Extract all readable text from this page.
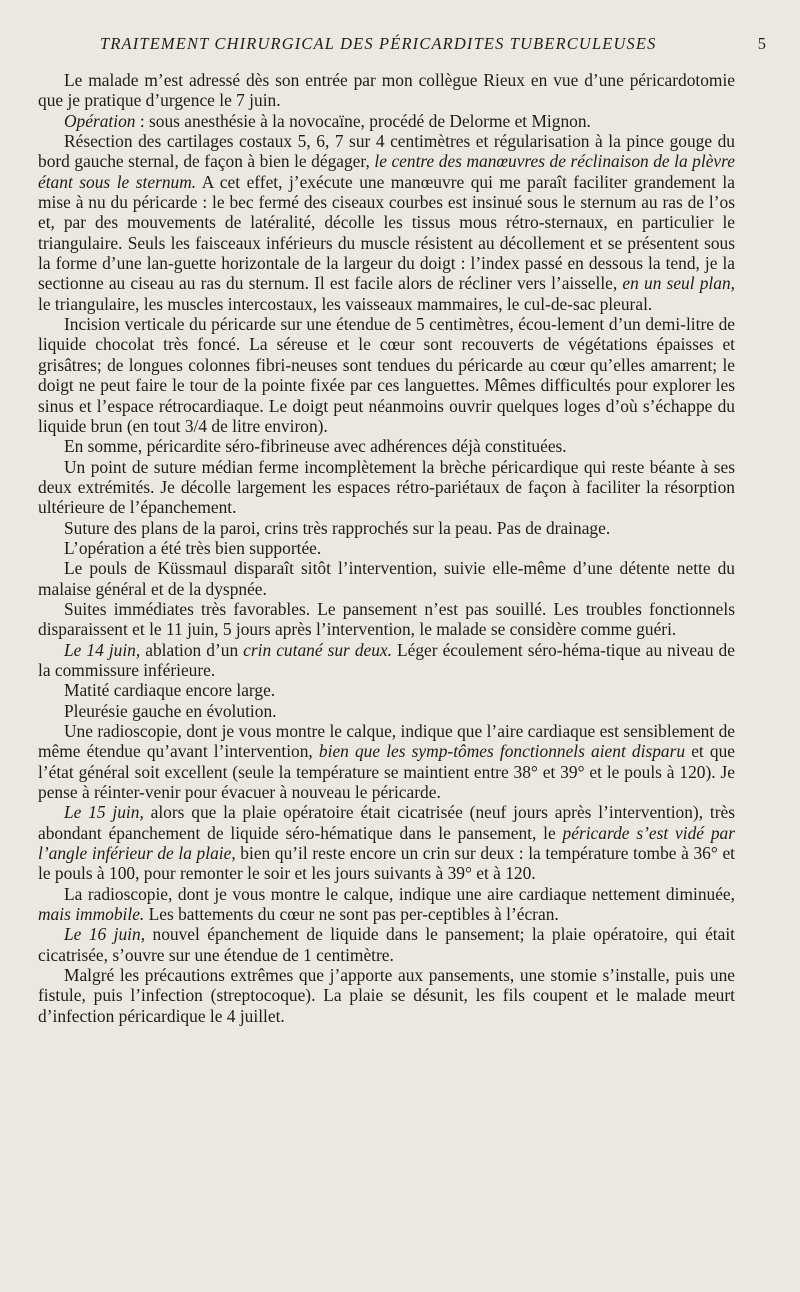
TRAITEMENT CHIRURGICAL DES PÉRICARDITES TUBERCULEUSES	5

Le malade m’est adressé dès son entrée par mon collègue Rieux en vue d’une péricardotomie que je pratique d’urgence le 7 juin.

Opération : sous anesthésie à la novocaïne, procédé de Delorme et Mignon.

Résection des cartilages costaux 5, 6, 7 sur 4 centimètres et régularisation à la pince gouge du bord gauche sternal, de façon à bien le dégager, le centre des manœuvres de réclinaison de la plèvre étant sous le sternum. A cet effet, j’exécute une manœuvre qui me paraît faciliter grandement la mise à nu du péricarde : le bec fermé des ciseaux courbes est insinué sous le sternum au ras de l’os et, par des mouvements de latéralité, décolle les tissus mous rétro-sternaux, en particulier le triangulaire. Seuls les faisceaux inférieurs du muscle résistent au décollement et se présentent sous la forme d’une lan-guette horizontale de la largeur du doigt : l’index passé en dessous la tend, je la sectionne au ciseau au ras du sternum. Il est facile alors de récliner vers l’aisselle, en un seul plan, le triangulaire, les muscles intercostaux, les vaisseaux mammaires, le cul-de-sac pleural.

Incision verticale du péricarde sur une étendue de 5 centimètres, écou-lement d’un demi-litre de liquide chocolat très foncé. La séreuse et le cœur sont recouverts de végétations épaisses et grisâtres; de longues colonnes fibri-neuses sont tendues du péricarde au cœur qu’elles amarrent; le doigt ne peut faire le tour de la pointe fixée par ces languettes. Mêmes difficultés pour explorer les sinus et l’espace rétrocardiaque. Le doigt peut néanmoins ouvrir quelques loges d’où s’échappe du liquide brun (en tout 3/4 de litre environ).

En somme, péricardite séro-fibrineuse avec adhérences déjà constituées.

Un point de suture médian ferme incomplètement la brèche péricardique qui reste béante à ses deux extrémités. Je décolle largement les espaces rétro-pariétaux de façon à faciliter la résorption ultérieure de l’épanchement.

Suture des plans de la paroi, crins très rapprochés sur la peau. Pas de drainage.

L’opération a été très bien supportée.

Le pouls de Küssmaul disparaît sitôt l’intervention, suivie elle-même d’une détente nette du malaise général et de la dyspnée.

Suites immédiates très favorables. Le pansement n’est pas souillé. Les troubles fonctionnels disparaissent et le 11 juin, 5 jours après l’intervention, le malade se considère comme guéri.

Le 14 juin, ablation d’un crin cutané sur deux. Léger écoulement séro-héma-tique au niveau de la commissure inférieure.

Matité cardiaque encore large.

Pleurésie gauche en évolution.

Une radioscopie, dont je vous montre le calque, indique que l’aire cardiaque est sensiblement de même étendue qu’avant l’intervention, bien que les symp-tômes fonctionnels aient disparu et que l’état général soit excellent (seule la température se maintient entre 38° et 39° et le pouls à 120). Je pense à réinter-venir pour évacuer à nouveau le péricarde.

Le 15 juin, alors que la plaie opératoire était cicatrisée (neuf jours après l’intervention), très abondant épanchement de liquide séro-hématique dans le pansement, le péricarde s’est vidé par l’angle inférieur de la plaie, bien qu’il reste encore un crin sur deux : la température tombe à 36° et le pouls à 100, pour remonter le soir et les jours suivants à 39° et à 120.

La radioscopie, dont je vous montre le calque, indique une aire cardiaque nettement diminuée, mais immobile. Les battements du cœur ne sont pas per-ceptibles à l’écran.

Le 16 juin, nouvel épanchement de liquide dans le pansement; la plaie opératoire, qui était cicatrisée, s’ouvre sur une étendue de 1 centimètre.

Malgré les précautions extrêmes que j’apporte aux pansements, une stomie s’installe, puis une fistule, puis l’infection (streptocoque). La plaie se désunit, les fils coupent et le malade meurt d’infection péricardique le 4 juillet.
